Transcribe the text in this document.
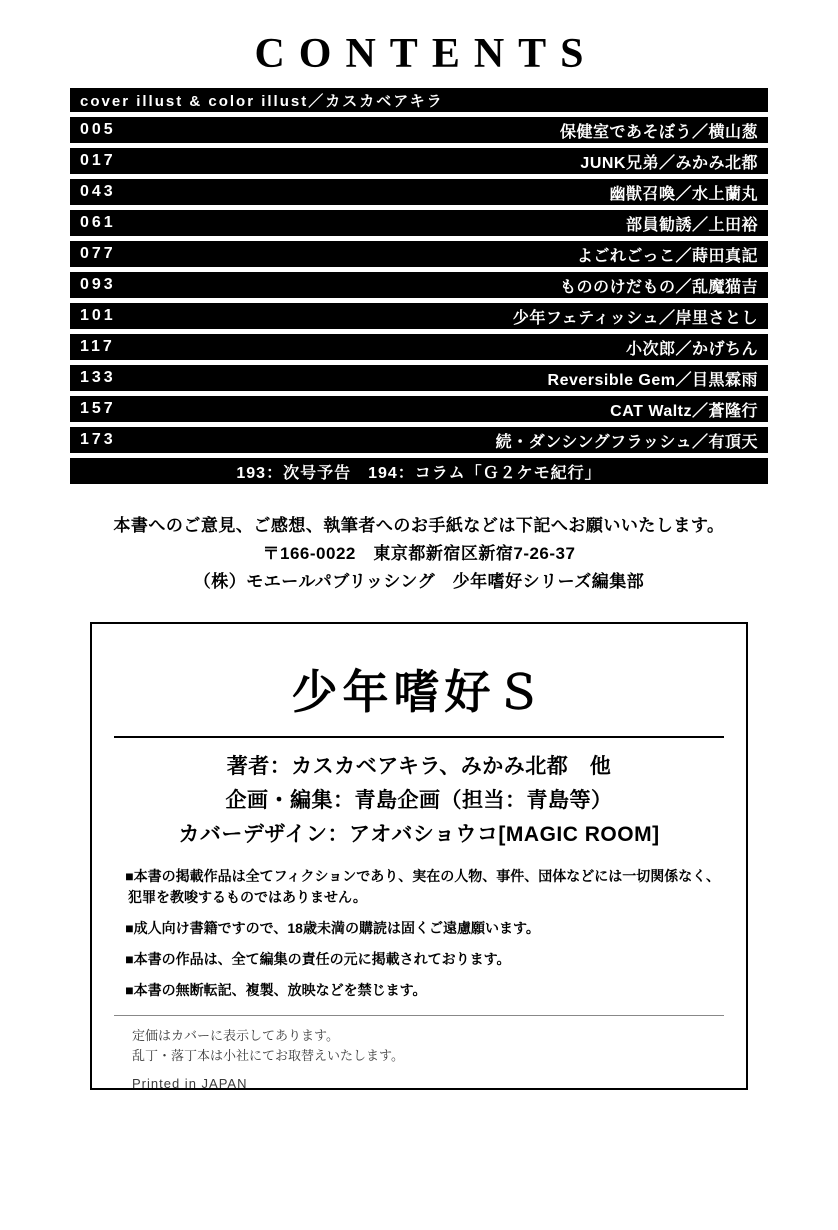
CONTENTS
cover illust & color illust／カスカベアキラ
005	保健室であそぼう／横山葱
017	JUNK兄弟／みかみ北都
043	幽獣召喚／水上蘭丸
061	部員勧誘／上田裕
077	よごれごっこ／蒔田真記
093	もののけだもの／乱魔猫吉
101	少年フェティッシュ／岸里さとし
117	小次郎／かげちん
133	Reversible Gem／目黒霖雨
157	CAT Waltz／蒼隆行
173	続・ダンシングフラッシュ／有頂天
193：次号予告　194：コラム「Ｇ２ケモ紀行」
本書へのご意見、ご感想、執筆者へのお手紙などは下記へお願いいたします。
〒166-0022　東京都新宿区新宿7-26-37
（株）モエールパブリッシング　少年嗜好シリーズ編集部
少年嗜好Ｓ
著者：カスカベアキラ、みかみ北都　他
企画・編集：青島企画（担当：青島等）
カバーデザイン：アオバショウコ[MAGIC ROOM]
■本書の掲載作品は全てフィクションであり、実在の人物、事件、団体などには一切関係なく、犯罪を教唆するものではありません。
■成人向け書籍ですので、18歳未満の購読は固くご遠慮願います。
■本書の作品は、全て編集の責任の元に掲載されております。
■本書の無断転記、複製、放映などを禁じます。
定価はカバーに表示してあります。
乱丁・落丁本は小社にてお取替えいたします。
Printed in JAPAN
